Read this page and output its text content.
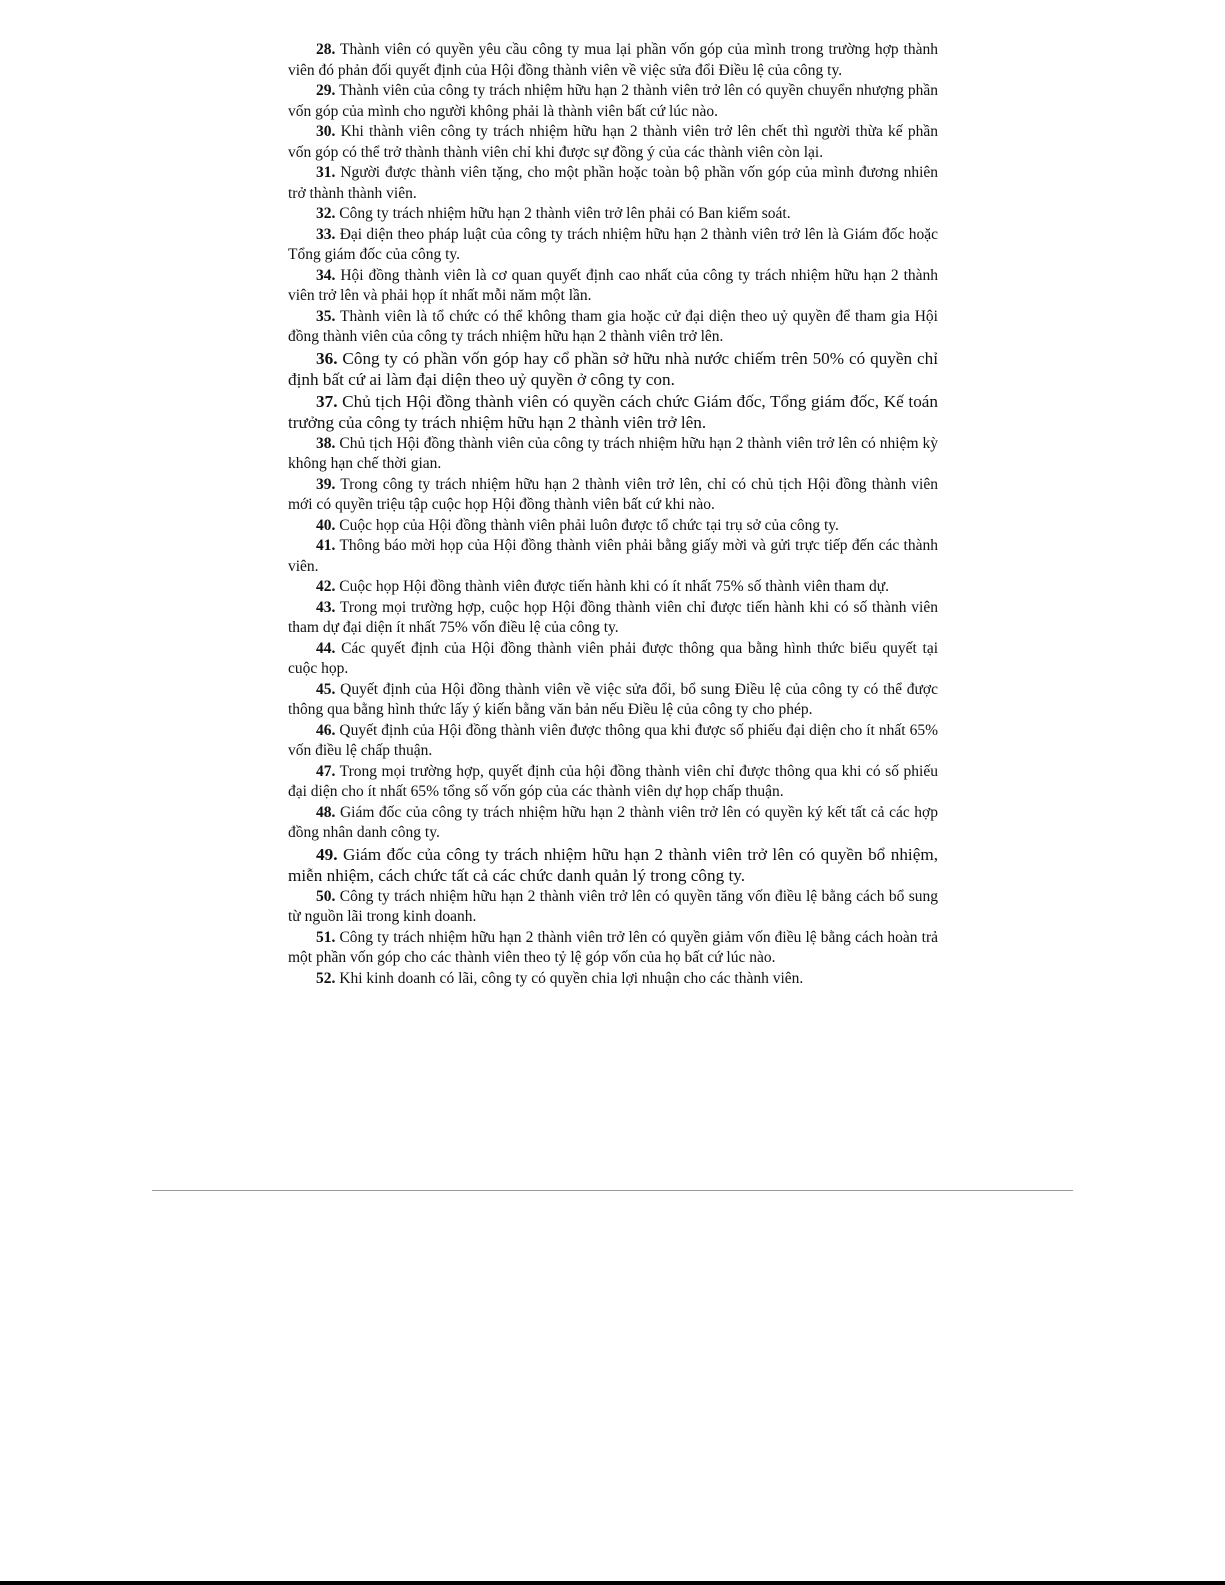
28. Thành viên có quyền yêu cầu công ty mua lại phần vốn góp của mình trong trường hợp thành viên đó phản đối quyết định của Hội đồng thành viên về việc sửa đổi Điều lệ của công ty.

29. Thành viên của công ty trách nhiệm hữu hạn 2 thành viên trở lên có quyền chuyển nhượng phần vốn góp của mình cho người không phải là thành viên bất cứ lúc nào.

30. Khi thành viên công ty trách nhiệm hữu hạn 2 thành viên trở lên chết thì người thừa kế phần vốn góp có thể trở thành thành viên chỉ khi được sự đồng ý của các thành viên còn lại.

31. Người được thành viên tặng, cho một phần hoặc toàn bộ phần vốn góp của mình đương nhiên trở thành thành viên.

32. Công ty trách nhiệm hữu hạn 2 thành viên trở lên phải có Ban kiểm soát.

33. Đại diện theo pháp luật của công ty trách nhiệm hữu hạn 2 thành viên trở lên là Giám đốc hoặc Tổng giám đốc của công ty.

34. Hội đồng thành viên là cơ quan quyết định cao nhất của công ty trách nhiệm hữu hạn 2 thành viên trở lên và phải họp ít nhất mỗi năm một lần.

35. Thành viên là tổ chức có thể không tham gia hoặc cử đại diện theo uỷ quyền để tham gia Hội đồng thành viên của công ty trách nhiệm hữu hạn 2 thành viên trở lên.

36. Công ty có phần vốn góp hay cổ phần sở hữu nhà nước chiếm trên 50% có quyền chỉ định bất cứ ai làm đại diện theo uỷ quyền ở công ty con.

37. Chủ tịch Hội đồng thành viên có quyền cách chức Giám đốc, Tổng giám đốc, Kế toán trưởng của công ty trách nhiệm hữu hạn 2 thành viên trở lên.

38. Chủ tịch Hội đồng thành viên của công ty trách nhiệm hữu hạn 2 thành viên trở lên có nhiệm kỳ không hạn chế thời gian.

39. Trong công ty trách nhiệm hữu hạn 2 thành viên trở lên, chỉ có chủ tịch Hội đồng thành viên mới có quyền triệu tập cuộc họp Hội đồng thành viên bất cứ khi nào.

40. Cuộc họp của Hội đồng thành viên phải luôn được tổ chức tại trụ sở của công ty.

41. Thông báo mời họp của Hội đồng thành viên phải bằng giấy mời và gửi trực tiếp đến các thành viên.

42. Cuộc họp Hội đồng thành viên được tiến hành khi có ít nhất 75% số thành viên tham dự.

43. Trong mọi trường hợp, cuộc họp Hội đồng thành viên chỉ được tiến hành khi có số thành viên tham dự đại diện ít nhất 75% vốn điều lệ của công ty.

44. Các quyết định của Hội đồng thành viên phải được thông qua bằng hình thức biểu quyết tại cuộc họp.

45. Quyết định của Hội đồng thành viên về việc sửa đổi, bổ sung Điều lệ của công ty có thể được thông qua bằng hình thức lấy ý kiến bằng văn bản nếu Điều lệ của công ty cho phép.

46. Quyết định của Hội đồng thành viên được thông qua khi được số phiếu đại diện cho ít nhất 65% vốn điều lệ chấp thuận.

47. Trong mọi trường hợp, quyết định của hội đồng thành viên chỉ được thông qua khi có số phiếu đại diện cho ít nhất 65% tổng số vốn góp của các thành viên dự họp chấp thuận.

48. Giám đốc của công ty trách nhiệm hữu hạn 2 thành viên trở lên có quyền ký kết tất cả các hợp đồng nhân danh công ty.

49. Giám đốc của công ty trách nhiệm hữu hạn 2 thành viên trở lên có quyền bổ nhiệm, miễn nhiệm, cách chức tất cả các chức danh quản lý trong công ty.

50. Công ty trách nhiệm hữu hạn 2 thành viên trở lên có quyền tăng vốn điều lệ bằng cách bổ sung từ nguồn lãi trong kinh doanh.

51. Công ty trách nhiệm hữu hạn 2 thành viên trở lên có quyền giảm vốn điều lệ bằng cách hoàn trả một phần vốn góp cho các thành viên theo tỷ lệ góp vốn của họ bất cứ lúc nào.

52. Khi kinh doanh có lãi, công ty có quyền chia lợi nhuận cho các thành viên.
